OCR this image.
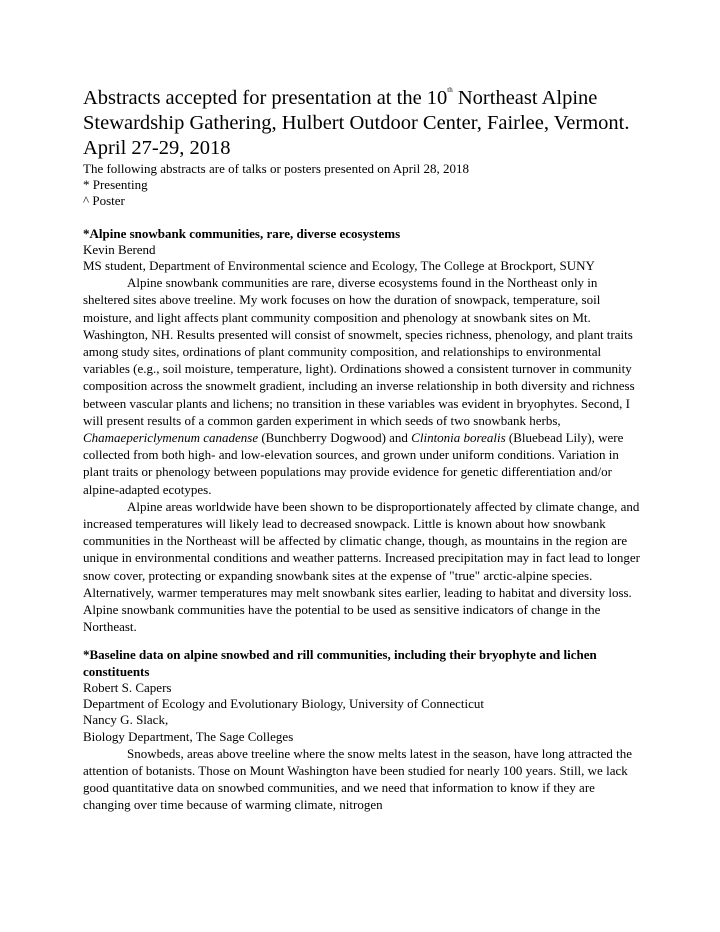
Abstracts accepted for presentation at the 10th Northeast Alpine Stewardship Gathering, Hulbert Outdoor Center, Fairlee, Vermont. April 27-29, 2018

The following abstracts are of talks or posters presented on April 28, 2018

* Presenting

^ Poster

*Alpine snowbank communities, rare, diverse ecosystems

Kevin Berend

MS student, Department of Environmental science and Ecology, The College at Brockport, SUNY

Alpine snowbank communities are rare, diverse ecosystems found in the Northeast only in sheltered sites above treeline. My work focuses on how the duration of snowpack, temperature, soil moisture, and light affects plant community composition and phenology at snowbank sites on Mt. Washington, NH. Results presented will consist of snowmelt, species richness, phenology, and plant traits among study sites, ordinations of plant community composition, and relationships to environmental variables (e.g., soil moisture, temperature, light). Ordinations showed a consistent turnover in community composition across the snowmelt gradient, including an inverse relationship in both diversity and richness between vascular plants and lichens; no transition in these variables was evident in bryophytes. Second, I will present results of a common garden experiment in which seeds of two snowbank herbs, Chamaepericlymenum canadense (Bunchberry Dogwood) and Clintonia borealis (Bluebead Lily), were collected from both high- and low-elevation sources, and grown under uniform conditions. Variation in plant traits or phenology between populations may provide evidence for genetic differentiation and/or alpine-adapted ecotypes.

Alpine areas worldwide have been shown to be disproportionately affected by climate change, and increased temperatures will likely lead to decreased snowpack. Little is known about how snowbank communities in the Northeast will be affected by climatic change, though, as mountains in the region are unique in environmental conditions and weather patterns. Increased precipitation may in fact lead to longer snow cover, protecting or expanding snowbank sites at the expense of "true" arctic-alpine species. Alternatively, warmer temperatures may melt snowbank sites earlier, leading to habitat and diversity loss. Alpine snowbank communities have the potential to be used as sensitive indicators of change in the Northeast.

*Baseline data on alpine snowbed and rill communities, including their bryophyte and lichen constituents

Robert S. Capers

Department of Ecology and Evolutionary Biology, University of Connecticut

Nancy G. Slack,

Biology Department, The Sage Colleges

Snowbeds, areas above treeline where the snow melts latest in the season, have long attracted the attention of botanists. Those on Mount Washington have been studied for nearly 100 years. Still, we lack good quantitative data on snowbed communities, and we need that information to know if they are changing over time because of warming climate, nitrogen
